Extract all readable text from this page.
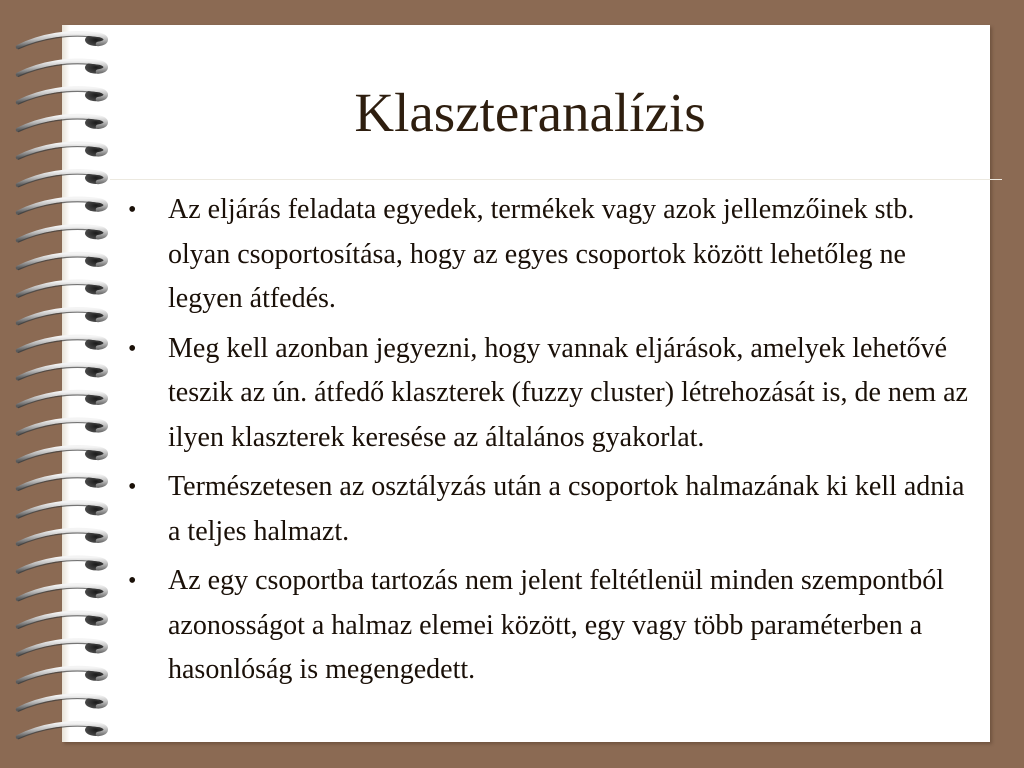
Klaszteranalízis
• Az eljárás feladata egyedek, termékek vagy azok jellemzőinek stb. olyan csoportosítása, hogy az egyes csoportok között lehetőleg ne legyen átfedés.
• Meg kell azonban jegyezni, hogy vannak eljárások, amelyek lehetővé teszik az ún. átfedő klaszterek (fuzzy cluster) létrehozását is, de nem az ilyen klaszterek keresése az általános gyakorlat.
• Természetesen az osztályzás után a csoportok halmazának ki kell adnia a teljes halmazt.
• Az egy csoportba tartozás nem jelent feltétlenül minden szempontból azonosságot a halmaz elemei között, egy vagy több paraméterben a hasonlóság is megengedett.
